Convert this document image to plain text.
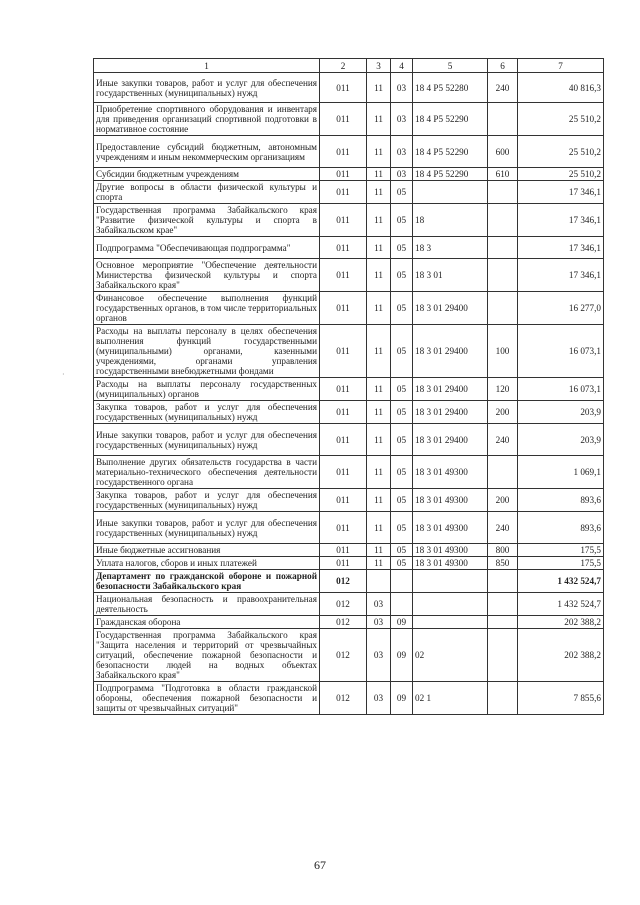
1	2	3	4	5	6	7
Иные закупки товаров, работ и услуг для обеспечения государственных (муниципальных) нужд	011	11	03	18 4 P5 52280	240	40 816,3
Приобретение спортивного оборудования и инвентаря для приведения организаций спортивной подготовки в нормативное состояние	011	11	03	18 4 P5 52290		25 510,2
Предоставление субсидий бюджетным, автономным учреждениям и иным некоммерческим организациям	011	11	03	18 4 P5 52290	600	25 510,2
Субсидии бюджетным учреждениям	011	11	03	18 4 P5 52290	610	25 510,2
Другие вопросы в области физической культуры и спорта	011	11	05			17 346,1
Государственная программа Забайкальского края "Развитие физической культуры и спорта в Забайкальском крае"	011	11	05	18		17 346,1
Подпрограмма "Обеспечивающая подпрограмма"	011	11	05	18 3		17 346,1
Основное мероприятие "Обеспечение деятельности Министерства физической культуры и спорта Забайкальского края"	011	11	05	18 3 01		17 346,1
Финансовое обеспечение выполнения функций государственных органов, в том числе территориальных органов	011	11	05	18 3 01 29400		16 277,0
Расходы на выплаты персоналу в целях обеспечения выполнения функций государственными (муниципальными) органами, казенными учреждениями, органами управления государственными внебюджетными фондами	011	11	05	18 3 01 29400	100	16 073,1
Расходы на выплаты персоналу государственных (муниципальных) органов	011	11	05	18 3 01 29400	120	16 073,1
Закупка товаров, работ и услуг для обеспечения государственных (муниципальных) нужд	011	11	05	18 3 01 29400	200	203,9
Иные закупки товаров, работ и услуг для обеспечения государственных (муниципальных) нужд	011	11	05	18 3 01 29400	240	203,9
Выполнение других обязательств государства в части материально-технического обеспечения деятельности государственного органа	011	11	05	18 3 01 49300		1 069,1
Закупка товаров, работ и услуг для обеспечения государственных (муниципальных) нужд	011	11	05	18 3 01 49300	200	893,6
Иные закупки товаров, работ и услуг для обеспечения государственных (муниципальных) нужд	011	11	05	18 3 01 49300	240	893,6
Иные бюджетные ассигнования	011	11	05	18 3 01 49300	800	175,5
Уплата налогов, сборов и иных платежей	011	11	05	18 3 01 49300	850	175,5
Департамент по гражданской обороне и пожарной безопасности Забайкальского края	012					1 432 524,7
Национальная безопасность и правоохранительная деятельность	012	03				1 432 524,7
Гражданская оборона	012	03	09			202 388,2
Государственная программа Забайкальского края "Защита населения и территорий от чрезвычайных ситуаций, обеспечение пожарной безопасности и безопасности людей на водных объектах Забайкальского края"	012	03	09	02		202 388,2
Подпрограмма "Подготовка в области гражданской обороны, обеспечения пожарной безопасности и защиты от чрезвычайных ситуаций"	012	03	09	02 1		7 855,6
·
67
